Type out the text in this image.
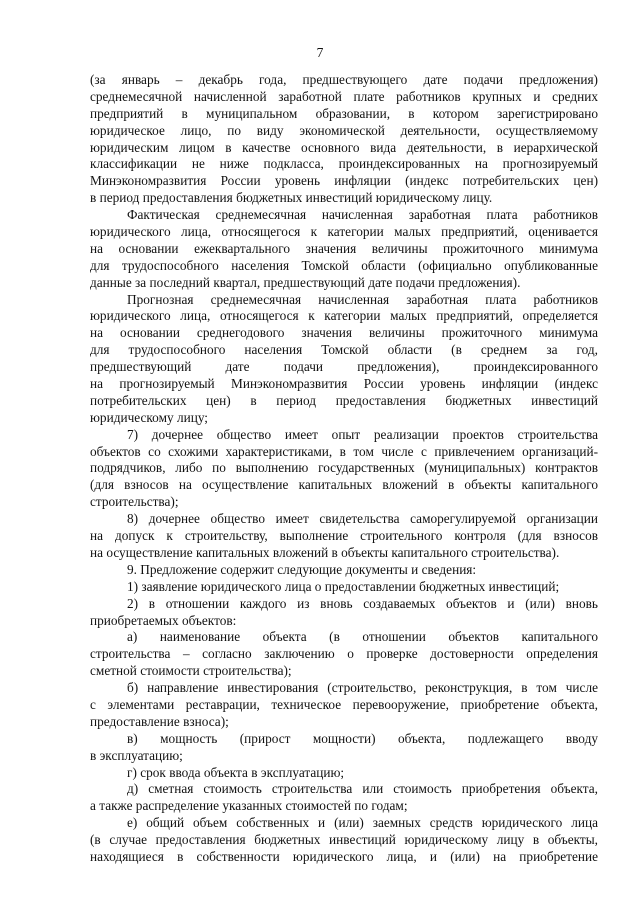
7
(за январь – декабрь года, предшествующего дате подачи предложения)
среднемесячной начисленной заработной плате работников крупных и средних
предприятий в муниципальном образовании, в котором зарегистрировано
юридическое лицо, по виду экономической деятельности, осуществляемому
юридическим лицом в качестве основного вида деятельности, в иерархической
классификации не ниже подкласса, проиндексированных на прогнозируемый
Минэкономразвития России уровень инфляции (индекс потребительских цен)
в период предоставления бюджетных инвестиций юридическому лицу.
Фактическая среднемесячная начисленная заработная плата работников
юридического лица, относящегося к категории малых предприятий, оценивается
на основании ежеквартального значения величины прожиточного минимума
для трудоспособного населения Томской области (официально опубликованные
данные за последний квартал, предшествующий дате подачи предложения).
Прогнозная среднемесячная начисленная заработная плата работников
юридического лица, относящегося к категории малых предприятий, определяется
на основании среднегодового значения величины прожиточного минимума
для трудоспособного населения Томской области (в среднем за год,
предшествующий дате подачи предложения), проиндексированного
на прогнозируемый Минэкономразвития России уровень инфляции (индекс
потребительских цен) в период предоставления бюджетных инвестиций
юридическому лицу;
7) дочернее общество имеет опыт реализации проектов строительства
объектов со схожими характеристиками, в том числе с привлечением организаций-
подрядчиков, либо по выполнению государственных (муниципальных) контрактов
(для взносов на осуществление капитальных вложений в объекты капитального
строительства);
8) дочернее общество имеет свидетельства саморегулируемой организации
на допуск к строительству, выполнение строительного контроля (для взносов
на осуществление капитальных вложений в объекты капитального строительства).
9. Предложение содержит следующие документы и сведения:
1) заявление юридического лица о предоставлении бюджетных инвестиций;
2) в отношении каждого из вновь создаваемых объектов и (или) вновь
приобретаемых объектов:
а) наименование объекта (в отношении объектов капитального
строительства – согласно заключению о проверке достоверности определения
сметной стоимости строительства);
б) направление инвестирования (строительство, реконструкция, в том числе
с элементами реставрации, техническое перевооружение, приобретение объекта,
предоставление взноса);
в) мощность (прирост мощности) объекта, подлежащего вводу
в эксплуатацию;
г) срок ввода объекта в эксплуатацию;
д) сметная стоимость строительства или стоимость приобретения объекта,
а также распределение указанных стоимостей по годам;
е) общий объем собственных и (или) заемных средств юридического лица
(в случае предоставления бюджетных инвестиций юридическому лицу в объекты,
находящиеся в собственности юридического лица, и (или) на приобретение
